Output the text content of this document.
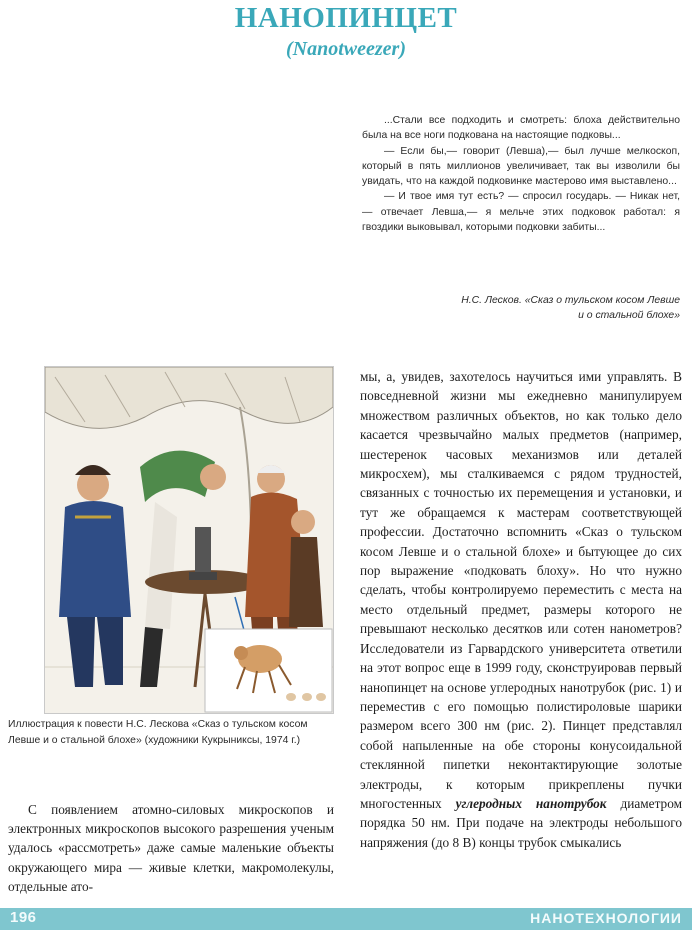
НАНОПИНЦЕТ
(Nanotweezer)

...Стали все подходить и смотреть: блоха действительно была на все ноги подкована на настоящие подковы...

— Если бы,— говорит (Левша),— был лучше мелкоскоп, который в пять миллионов увеличивает, так вы изволили бы увидать, что на каждой подковинке мастерово имя выставлено...

— И твое имя тут есть? — спросил государь. — Никак нет, — отвечает Левша,— я мельче этих подковок работал: я гвоздики выковывал, которыми подковки забиты...

Н.С. Лесков. «Сказ о тульском косом Левше
и о стальной блохе»
Иллюстрация к повести Н.С. Лескова «Сказ о тульском косом Левше и о стальной блохе» (художники Кукрыниксы, 1974 г.)

С появлением атомно-силовых микроскопов и электронных микроскопов высокого разрешения ученым удалось «рассмотреть» даже самые маленькие объекты окружающего мира — живые клетки, макромолекулы, отдельные ато-

мы, а, увидев, захотелось научиться ими управлять. В повседневной жизни мы ежедневно манипулируем множеством различных объектов, но как только дело касается чрезвычайно малых предметов (например, шестеренок часовых механизмов или деталей микросхем), мы сталкиваемся с рядом трудностей, связанных с точностью их перемещения и установки, и тут же обращаемся к мастерам соответствующей профессии. Достаточно вспомнить «Сказ о тульском косом Левше и о стальной блохе» и бытующее до сих пор выражение «подковать блоху». Но что нужно сделать, чтобы контролируемо переместить с места на место отдельный предмет, размеры которого не превышают несколько десятков или сотен нанометров? Исследователи из Гарвардского университета ответили на этот вопрос еще в 1999 году, сконструировав первый нанопинцет на основе углеродных нанотрубок (рис. 1) и переместив с его помощью полистироловые шарики размером всего 300 нм (рис. 2). Пинцет представлял собой напыленные на обе стороны конусоидальной стеклянной пипетки неконтактирующие золотые электроды, к которым прикреплены пучки многостенных углеродных нанотрубок диаметром порядка 50 нм. При подаче на электроды небольшого напряжения (до 8 В) концы трубок смыкались

196	НАНОТЕХНОЛОГИИ
